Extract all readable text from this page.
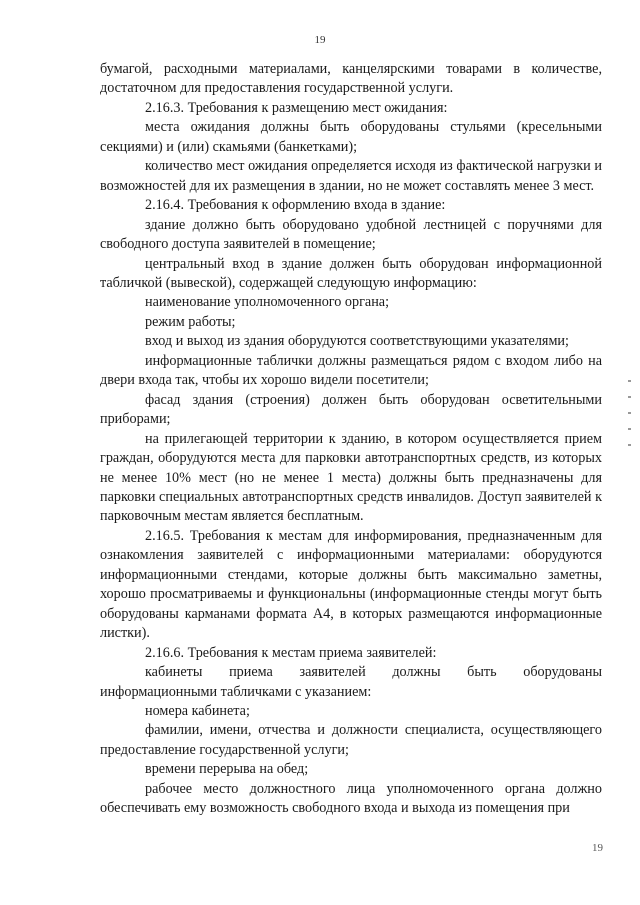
19

бумагой, расходными материалами, канцелярскими товарами в количестве, достаточном для предоставления государственной услуги.

2.16.3. Требования к размещению мест ожидания:

места ожидания должны быть оборудованы стульями (кресельными секциями) и (или) скамьями (банкетками);

количество мест ожидания определяется исходя из фактической нагрузки и возможностей для их размещения в здании, но не может составлять менее 3 мест.

2.16.4. Требования к оформлению входа в здание:

здание должно быть оборудовано удобной лестницей с поручнями для свободного доступа заявителей в помещение;

центральный вход в здание должен быть оборудован информационной табличкой (вывеской), содержащей следующую информацию:

наименование уполномоченного органа;

режим работы;

вход и выход из здания оборудуются соответствующими указателями;

информационные таблички должны размещаться рядом с входом либо на двери входа так, чтобы их хорошо видели посетители;

фасад здания (строения) должен быть оборудован осветительными приборами;

на прилегающей территории к зданию, в котором осуществляется прием граждан, оборудуются места для парковки автотранспортных средств, из которых не менее 10% мест (но не менее 1 места) должны быть предназначены для парковки специальных автотранспортных средств инвалидов. Доступ заявителей к парковочным местам является бесплатным.

2.16.5. Требования к местам для информирования, предназначенным для ознакомления заявителей с информационными материалами: оборудуются информационными стендами, которые должны быть максимально заметны, хорошо просматриваемы и функциональны (информационные стенды могут быть оборудованы карманами формата А4, в которых размещаются информационные листки).

2.16.6. Требования к местам приема заявителей:

кабинеты приема заявителей должны быть оборудованы информационными табличками с указанием:

номера кабинета;

фамилии, имени, отчества и должности специалиста, осуществляющего предоставление государственной услуги;

времени перерыва на обед;

рабочее место должностного лица уполномоченного органа должно обеспечивать ему возможность свободного входа и выхода из помещения при

19
